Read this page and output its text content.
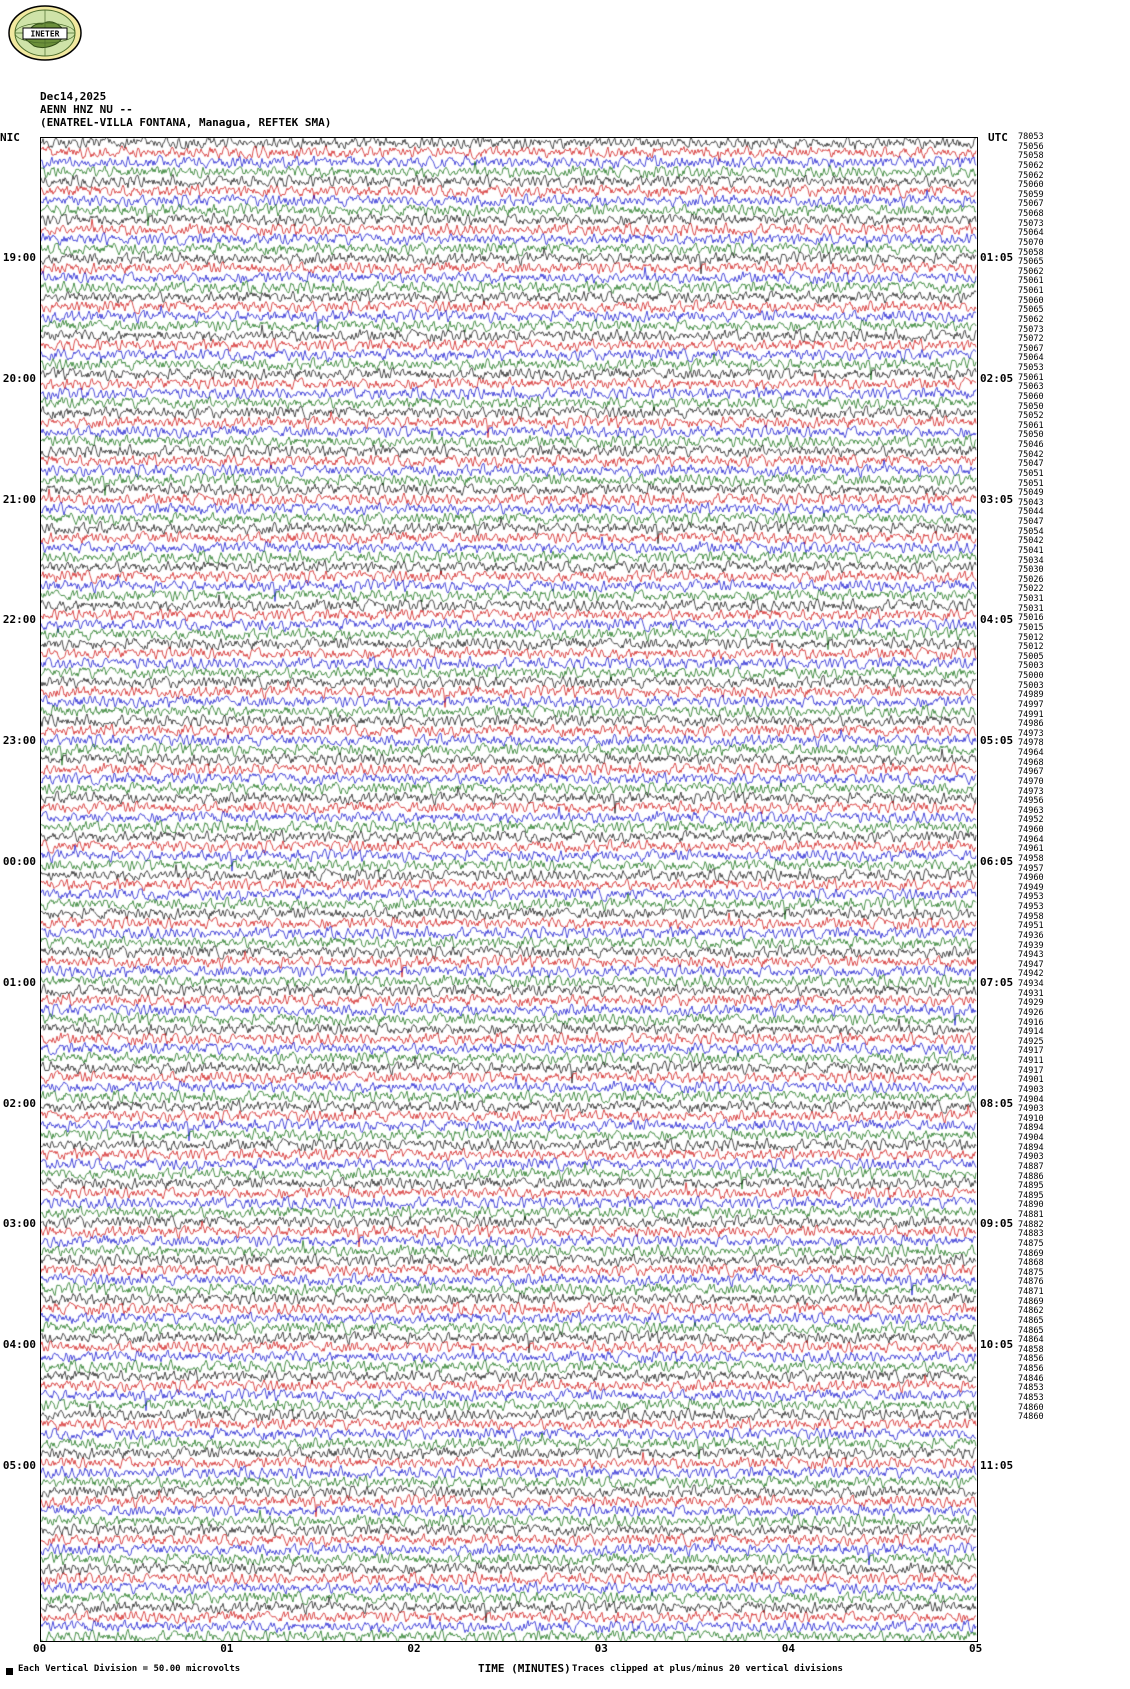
INETER
Dec14,2025
AENN HNZ NU --
(ENATREL-VILLA FONTANA, Managua, REFTEK SMA)
NIC	UTC
19:00
20:00
21:00
22:00
23:00
00:00
01:00
02:00
03:00
04:00
05:00
01:05
02:05
03:05
04:05
05:05
06:05
07:05
08:05
09:05
10:05
11:05
78053
75056
75058
75062
75062
75060
75059
75067
75068
75073
75064
75070
75058
75065
75062
75061
75061
75060
75065
75062
75073
75072
75067
75064
75053
75061
75063
75060
75050
75052
75061
75050
75046
75042
75047
75051
75051
75049
75043
75044
75047
75054
75042
75041
75034
75030
75026
75022
75031
75031
75016
75015
75012
75012
75005
75003
75000
75003
74989
74997
74991
74986
74973
74978
74964
74968
74967
74970
74973
74956
74963
74952
74960
74964
74961
74958
74957
74960
74949
74953
74953
74958
74951
74936
74939
74943
74947
74942
74934
74931
74929
74926
74916
74914
74925
74917
74911
74917
74901
74903
74904
74903
74910
74894
74904
74894
74903
74887
74886
74895
74895
74890
74881
74882
74883
74875
74869
74868
74875
74876
74871
74869
74862
74865
74865
74864
74858
74856
74856
74846
74853
74853
74860
74860
00	01	02	03	04	05
Each Vertical Division = 50.00 microvolts	TIME (MINUTES) Traces clipped at plus/minus 20 vertical divisions
